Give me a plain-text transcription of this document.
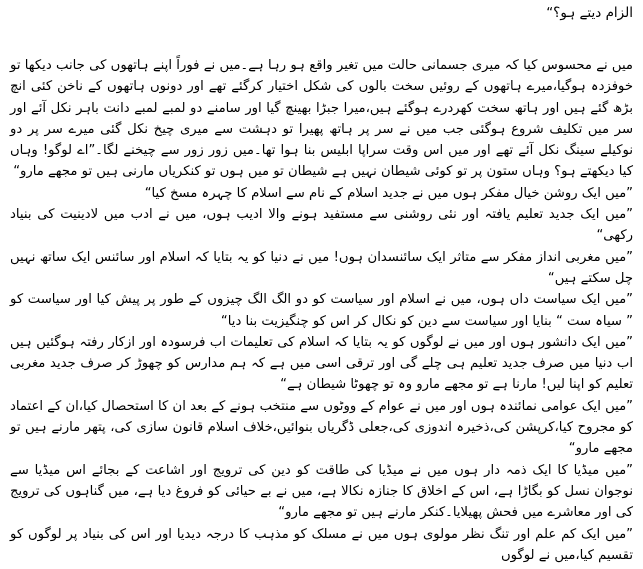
الزام دیتے ہو؟“

میں نے محسوس کیا کہ میری جسمانی حالت میں تغیر واقع ہو رہا ہے۔میں نے فوراً اپنے ہاتھوں کی جانب دیکھا تو خوفزدہ ہوگیا،میرے ہاتھوں کے روئیں سخت بالوں کی شکل اختیار کرگئے تھے اور دونوں ہاتھوں کے ناخن کئی انچ بڑھ گئے ہیں اور ہاتھ سخت کھردرے ہوگئے ہیں،میرا جبڑا بھینچ گیا اور سامنے دو لمبے لمبے دانت باہر نکل آئے اور سر میں تکلیف شروع ہوگئی جب میں نے سر پر ہاتھ پھیرا تو دہشت سے میری چیخ نکل گئی میرے سر پر دو نوکیلے سینگ نکل آئے تھے اور میں اس وقت سراپا ابلیس بنا ہوا تھا۔میں زور زور سے چیخنے لگا۔”اے لوگو! وہاں کیا دیکھتے ہو؟ وہاں ستون پر تو کوئی شیطان نہیں ہے شیطان تو میں ہوں تو کنکریاں مارنی ہیں تو مجھے مارو“

”میں ایک روشن خیال مفکر ہوں میں نے جدید اسلام کے نام سے اسلام کا چہرہ مسخ کیا“

”میں ایک جدید تعلیم یافتہ اور نئی روشنی سے مستفید ہونے والا ادیب ہوں، میں نے ادب میں لادینیت کی بنیاد رکھی“

”میں مغربی انداز مفکر سے متاثر ایک سائنسدان ہوں! میں نے دنیا کو یہ بتایا کہ اسلام اور سائنس ایک ساتھ نہیں چل سکتے ہیں“

”میں ایک سیاست داں ہوں، میں نے اسلام اور سیاست کو دو الگ الگ چیزوں کے طور پر پیش کیا اور سیاست کو ” سیاہ ست “ بنایا اور سیاست سے دین کو نکال کر اس کو چنگیزیت بنا دیا“

”میں ایک دانشور ہوں اور میں نے لوگوں کو یہ بتایا کہ اسلام کی تعلیمات اب فرسودہ اور ازکار رفتہ ہوگئیں ہیں اب دنیا میں صرف جدید تعلیم ہی چلے گی اور ترقی اسی میں ہے کہ ہم مدارس کو چھوڑ کر صرف جدید مغربی تعلیم کو اپنا لیں! مارنا ہے تو مجھے مارو وہ تو چھوٹا شیطان ہے“

”میں ایک عوامی نمائندہ ہوں اور میں نے عوام کے ووٹوں سے منتخب ہونے کے بعد ان کا استحصال کیا،ان کے اعتماد کو مجروح کیا،کرپشن کی،ذخیرہ اندوزی کی،جعلی ڈگریاں بنوائیں،خلاف اسلام قانون سازی کی، پتھر مارنے ہیں تو مجھے مارو“

”میں میڈیا کا ایک ذمہ دار ہوں میں نے میڈیا کی طاقت کو دین کی ترویج اور اشاعت کے بجائے اس میڈیا سے نوجوان نسل کو بگاڑا ہے، اس کے اخلاق کا جنازہ نکالا ہے، میں نے بے حیائی کو فروغ دیا ہے، میں گناہوں کی ترویج کی اور معاشرے میں فحش پھیلایا۔کنکر مارنے ہیں تو مجھے مارو“

”میں ایک کم علم اور تنگ نظر مولوی ہوں میں نے مسلک کو مذہب کا درجہ دیدیا اور اس کی بنیاد پر لوگوں کو تقسیم کیا،میں نے لوگوں
